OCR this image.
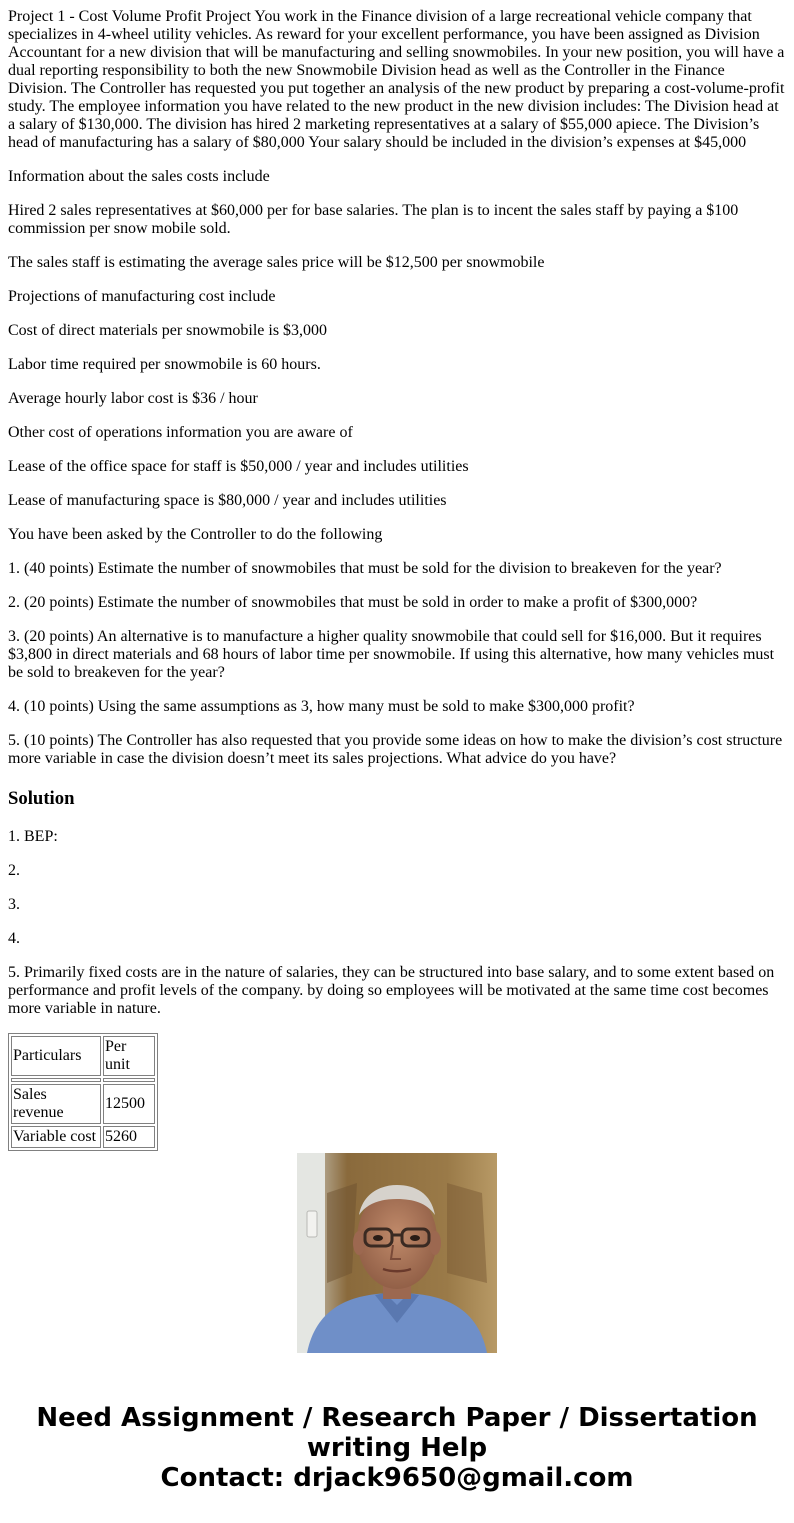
Project 1 - Cost Volume Profit Project You work in the Finance division of a large recreational vehicle company that specializes in 4-wheel utility vehicles. As reward for your excellent performance, you have been assigned as Division Accountant for a new division that will be manufacturing and selling snowmobiles. In your new position, you will have a dual reporting responsibility to both the new Snowmobile Division head as well as the Controller in the Finance Division. The Controller has requested you put together an analysis of the new product by preparing a cost-volume-profit study. The employee information you have related to the new product in the new division includes: The Division head at a salary of $130,000. The division has hired 2 marketing representatives at a salary of $55,000 apiece. The Division’s head of manufacturing has a salary of $80,000 Your salary should be included in the division’s expenses at $45,000

Information about the sales costs include

Hired 2 sales representatives at $60,000 per for base salaries. The plan is to incent the sales staff by paying a $100 commission per snow mobile sold.

The sales staff is estimating the average sales price will be $12,500 per snowmobile

Projections of manufacturing cost include

Cost of direct materials per snowmobile is $3,000

Labor time required per snowmobile is 60 hours.

Average hourly labor cost is $36 / hour

Other cost of operations information you are aware of

Lease of the office space for staff is $50,000 / year and includes utilities

Lease of manufacturing space is $80,000 / year and includes utilities

You have been asked by the Controller to do the following

1. (40 points) Estimate the number of snowmobiles that must be sold for the division to breakeven for the year?

2. (20 points) Estimate the number of snowmobiles that must be sold in order to make a profit of $300,000?

3. (20 points) An alternative is to manufacture a higher quality snowmobile that could sell for $16,000. But it requires $3,800 in direct materials and 68 hours of labor time per snowmobile. If using this alternative, how many vehicles must be sold to breakeven for the year?

4. (10 points) Using the same assumptions as 3, how many must be sold to make $300,000 profit?

5. (10 points) The Controller has also requested that you provide some ideas on how to make the division’s cost structure more variable in case the division doesn’t meet its sales projections. What advice do you have?

Solution

1. BEP:

2.

3.

4.

5. Primarily fixed costs are in the nature of salaries, they can be structured into base salary, and to some extent based on performance and profit levels of the company. by doing so employees will be motivated at the same time cost becomes more variable in nature.

Particulars	Per unit

Sales revenue	12500
Variable cost	5260
Need Assignment / Research Paper / Dissertation
writing Help
Contact: drjack9650@gmail.com
